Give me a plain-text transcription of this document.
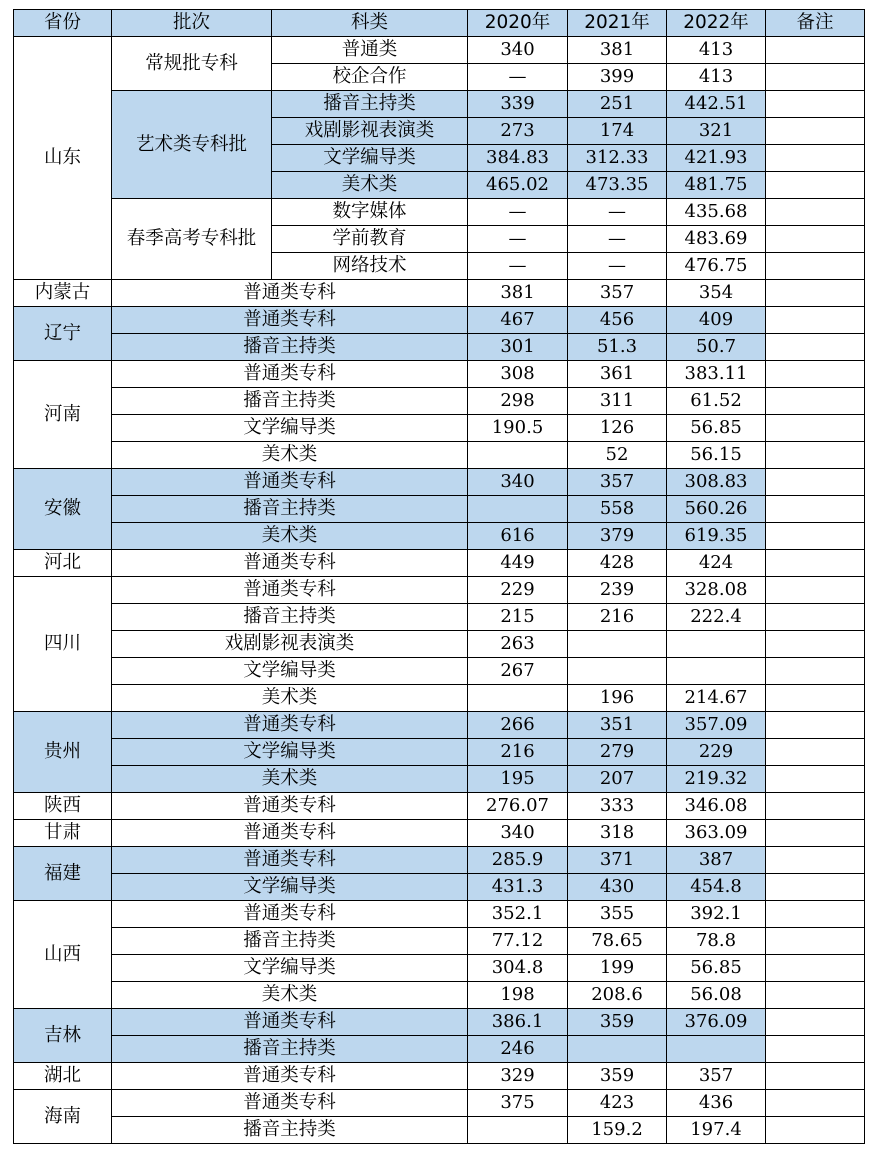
省份	批次	科类	2020年	2021年	2022年	备注
山东	常规批专科	普通类	340	381	413	
		校企合作	—	399	413	
	艺术类专科批	播音主持类	339	251	442.51	
		戏剧影视表演类	273	174	321	
		文学编导类	384.83	312.33	421.93	
		美术类	465.02	473.35	481.75	
	春季高考专科批	数字媒体	—	—	435.68	
		学前教育	—	—	483.69	
		网络技术	—	—	476.75	
内蒙古	普通类专科		381	357	354	
辽宁	普通类专科		467	456	409	
	播音主持类		301	51.3	50.7	
河南	普通类专科		308	361	383.11	
	播音主持类		298	311	61.52	
	文学编导类		190.5	126	56.85	
	美术类			52	56.15	
安徽	普通类专科		340	357	308.83	
	播音主持类			558	560.26	
	美术类		616	379	619.35	
河北	普通类专科		449	428	424	
四川	普通类专科		229	239	328.08	
	播音主持类		215	216	222.4	
	戏剧影视表演类		263			
	文学编导类		267			
	美术类			196	214.67	
贵州	普通类专科		266	351	357.09	
	文学编导类		216	279	229	
	美术类		195	207	219.32	
陕西	普通类专科		276.07	333	346.08	
甘肃	普通类专科		340	318	363.09	
福建	普通类专科		285.9	371	387	
	文学编导类		431.3	430	454.8	
山西	普通类专科		352.1	355	392.1	
	播音主持类		77.12	78.65	78.8	
	文学编导类		304.8	199	56.85	
	美术类		198	208.6	56.08	
吉林	普通类专科		386.1	359	376.09	
	播音主持类		246			
湖北	普通类专科		329	359	357	
海南	普通类专科		375	423	436	
	播音主持类			159.2	197.4	
